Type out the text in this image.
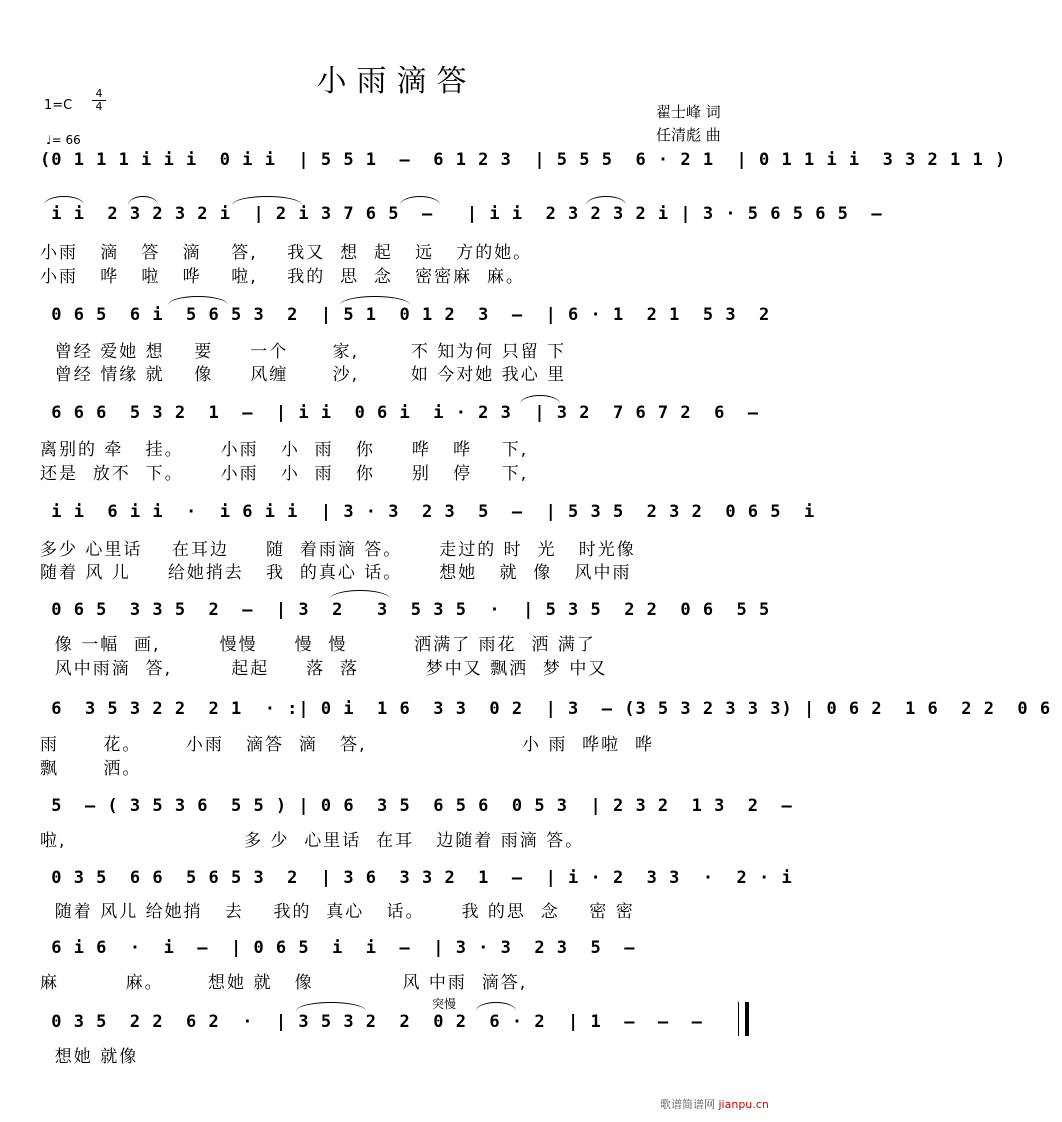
小雨滴答
1=C
4
4
♩= 66
翟士峰 词
任清彪 曲
(0 1 1 1 i i i  0 i i  | 5 5 1  –  6 1 2 3  | 5 5 5  6 · 2 1  | 0 1 1 i i  3 3 2 1 1 )
i i  2 3 2 3 2 i  | 2 i 3 7 6 5  –   | i i  2 3 2 3 2 i | 3 · 5 6 5 6 5  –
小雨   滴   答   滴    答,    我又  想  起   远   方的她。
小雨   哗   啦   哗    啦,    我的  思  念   密密麻  麻。
0 6 5  6 i  5 6 5 3  2  | 5 1  0 1 2  3  –  | 6 · 1  2 1  5 3  2
曾经 爱她 想    要     一个      家,       不 知为何 只留 下
曾经 情缘 就    像     风缠      沙,       如 今对她 我心 里
6 6 6  5 3 2  1  –  | i i  0 6 i  i · 2 3  | 3 2  7 6 7 2  6  –
离别的 牵   挂。     小雨   小  雨   你     哗   哗    下,
还是  放不  下。     小雨   小  雨   你     别   停    下,
i i  6 i i  ·  i 6 i i  | 3 · 3  2 3  5  –  | 5 3 5  2 3 2  0 6 5  i
多少 心里话    在耳边     随  着雨滴 答。     走过的 时  光   时光像
随着 风 儿     给她捎去   我  的真心 话。     想她   就  像   风中雨
0 6 5  3 3 5  2  –  | 3  2   3  5 3 5  ·  | 5 3 5  2 2  0 6  5 5
像 一幅  画,        慢慢     慢  慢         洒满了 雨花  洒 满了
风中雨滴  答,        起起     落  落         梦中又 飘洒  梦 中又
6  3 5 3 2 2  2 1  · :| 0 i  1 6  3 3  0 2  | 3  – (3 5 3 2 3 3 3) | 0 6 2  1 6  2 2  0 6
雨      花。      小雨   滴答  滴   答,                     小 雨  哗啦  哗
飘      洒。
5  – ( 3 5 3 6  5 5 ) | 0 6  3 5  6 5 6  0 5 3  | 2 3 2  1 3  2  –
啦,                        多 少  心里话  在耳   边随着 雨滴 答。
0 3 5  6 6  5 6 5 3  2  | 3 6  3 3 2  1  –  | i · 2  3 3  ·  2 · i
随着 风儿 给她捎   去    我的  真心   话。     我 的思  念    密 密
6 i 6  ·  i  –  | 0 6 5  i  i  –  | 3 · 3  2 3  5  –
麻         麻。      想她 就   像            风 中雨  滴答,
突慢
0 3 5  2 2  6 2  ·  | 3 5 3 2  2  0 2  6 · 2  | 1  –  –  –
想她 就像
歌谱简谱网 jianpu.cn
